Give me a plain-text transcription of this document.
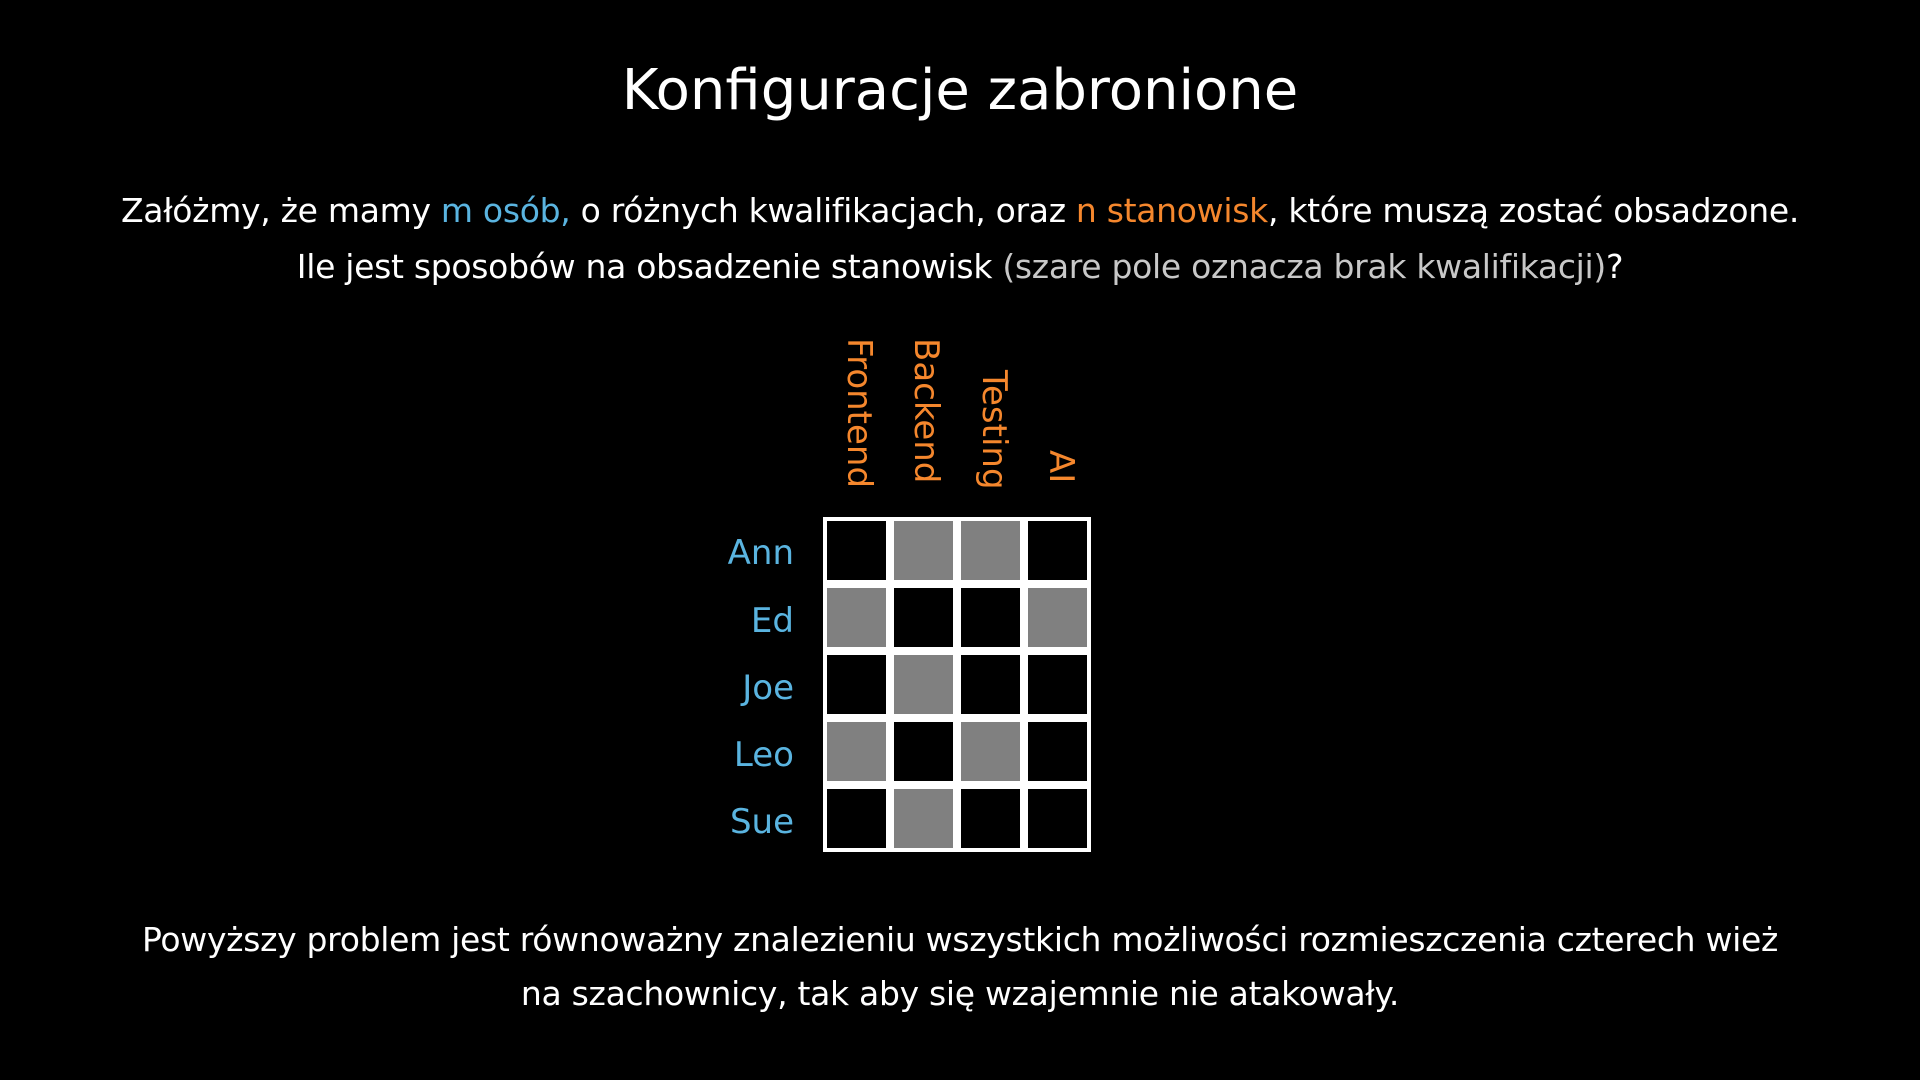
Konfiguracje zabronione

Załóżmy, że mamy m osób, o różnych kwalifikacjach, oraz n stanowisk, które muszą zostać obsadzone.

Ile jest sposobów na obsadzenie stanowisk (szare pole oznacza brak kwalifikacji)?

Frontend Backend Testing AI
Ann
Ed
Joe
Leo
Sue

Powyższy problem jest równoważny znalezieniu wszystkich możliwości rozmieszczenia czterech wież

na szachownicy, tak aby się wzajemnie nie atakowały.
